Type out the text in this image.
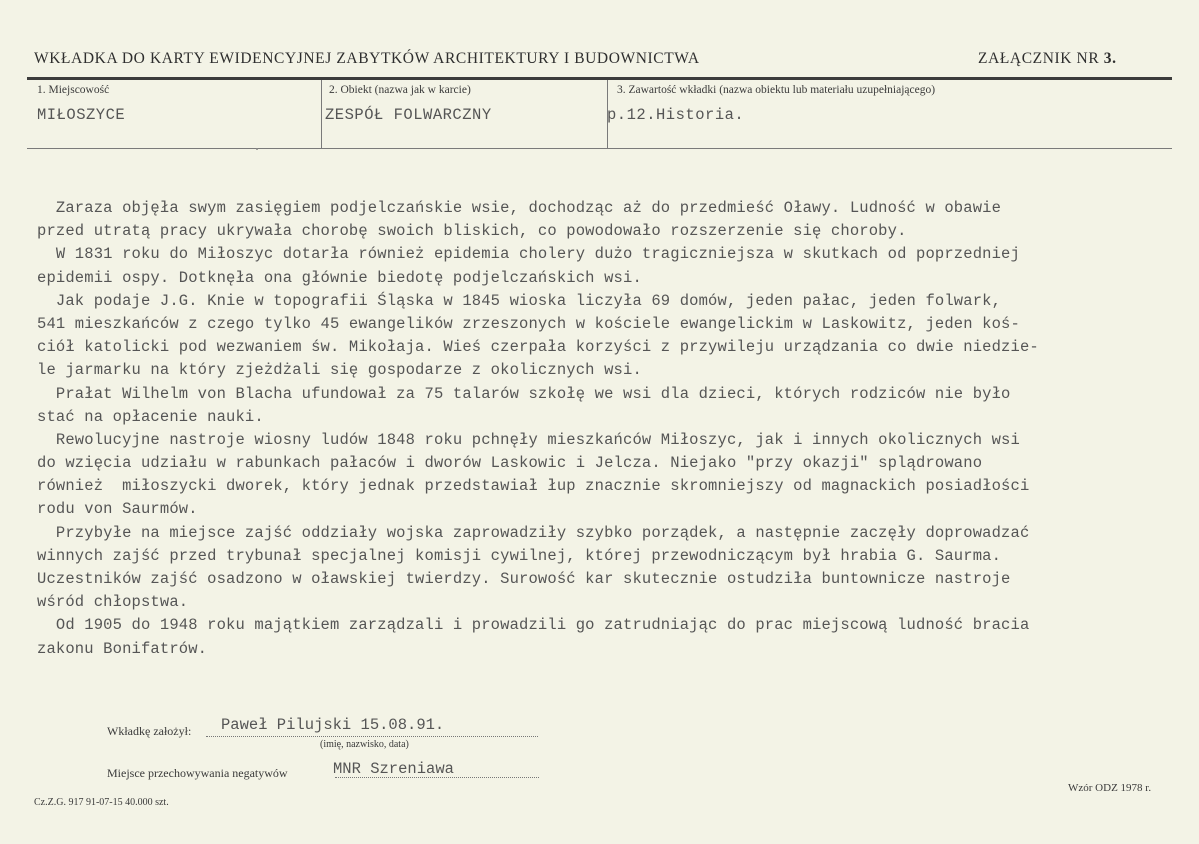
WKŁADKA DO KARTY EWIDENCYJNEJ ZABYTKÓW ARCHITEKTURY I BUDOWNICTWA	ZAŁĄCZNIK NR 3.
1. Miejscowość	2. Obiekt (nazwa jak w karcie)	3. Zawartość wkładki (nazwa obiektu lub materiału uzupełniającego)
MIŁOSZYCE	ZESPÓŁ FOLWARCZNY	p.12.Historia.
Zaraza objęła swym zasięgiem podjelczańskie wsie, dochodząc aż do przedmieść Oławy. Ludność w obawie
przed utratą pracy ukrywała chorobę swoich bliskich, co powodowało rozszerzenie się choroby.
W 1831 roku do Miłoszyc dotarła również epidemia cholery dużo tragiczniejsza w skutkach od poprzedniej
epidemii ospy. Dotknęła ona głównie biedotę podjelczańskich wsi.
Jak podaje J.G. Knie w topografii Śląska w 1845 wioska liczyła 69 domów, jeden pałac, jeden folwark,
541 mieszkańców z czego tylko 45 ewangelików zrzeszonych w kościele ewangelickim w Laskowitz, jeden koś-
ciół katolicki pod wezwaniem św. Mikołaja. Wieś czerpała korzyści z przywileju urządzania co dwie niedzie-
le jarmarku na który zjeżdżali się gospodarze z okolicznych wsi.
Prałat Wilhelm von Blacha ufundował za 75 talarów szkołę we wsi dla dzieci, których rodziców nie było
stać na opłacenie nauki.
Rewolucyjne nastroje wiosny ludów 1848 roku pchnęły mieszkańców Miłoszyc, jak i innych okolicznych wsi
do wzięcia udziału w rabunkach pałaców i dworów Laskowic i Jelcza. Niejako "przy okazji" splądrowano
również  miłoszycki dworek, który jednak przedstawiał łup znacznie skromniejszy od magnackich posiadłości
rodu von Saurmów.
Przybyłe na miejsce zajść oddziały wojska zaprowadziły szybko porządek, a następnie zaczęły doprowadzać
winnych zajść przed trybunał specjalnej komisji cywilnej, której przewodniczącym był hrabia G. Saurma.
Uczestników zajść osadzono w oławskiej twierdzy. Surowość kar skutecznie ostudziła buntownicze nastroje
wśród chłopstwa.
Od 1905 do 1948 roku majątkiem zarządzali i prowadzili go zatrudniając do prac miejscową ludność bracia
zakonu Bonifatrów.
Wkładkę założył: Paweł Pilujski 15.08.91.
(imię, nazwisko, data)
Miejsce przechowywania negatywów	MNR Szreniawa
Cz.Z.G. 917 91-07-15 40.000 szt.
Wzór ODZ 1978 r.
